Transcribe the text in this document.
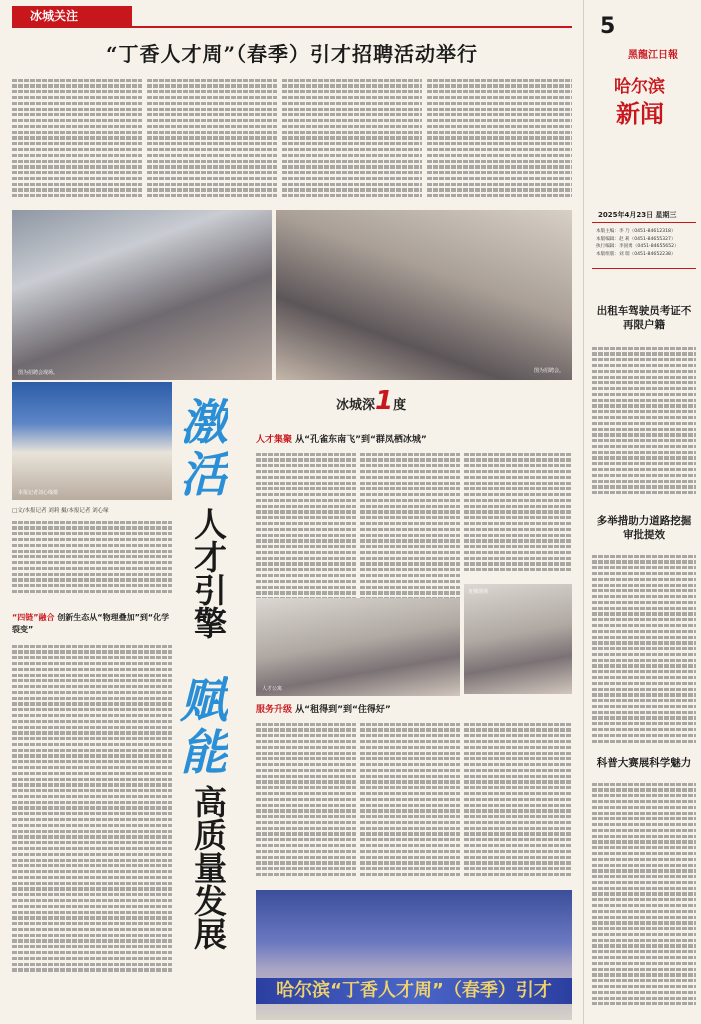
冰城关注
“丁香人才周”（春季）引才招聘活动举行
图为招聘会现场。	图为招聘会。
本报记者刘心缘摄
□文/本报记者 刘莉 摄/本报记者 刘心缘
激
活
人才引擎
赋
能
高质量发展
冰城深1度
人才集聚 从“孔雀东南飞”到“群凤栖冰城”
直播现场
人才公寓
“四链”融合 创新生态从“物理叠加”到“化学裂变”
服务升级 从“租得到”到“住得好”
哈尔滨“丁香人才周”（春季）引才
5
黑龍江日報
哈尔滨
新闻
2025年4月23日 星期三
本版主编：李 乃（0451-84612318）
本版编辑：赵 莉（0451-84655327）
执行编辑：李国勇（0451-84655652）
本版组版：刘 瑞（0451-84652238）
出租车驾驶员考证不再限户籍
多举措助力道路挖掘审批提效
科普大赛展科学魅力
